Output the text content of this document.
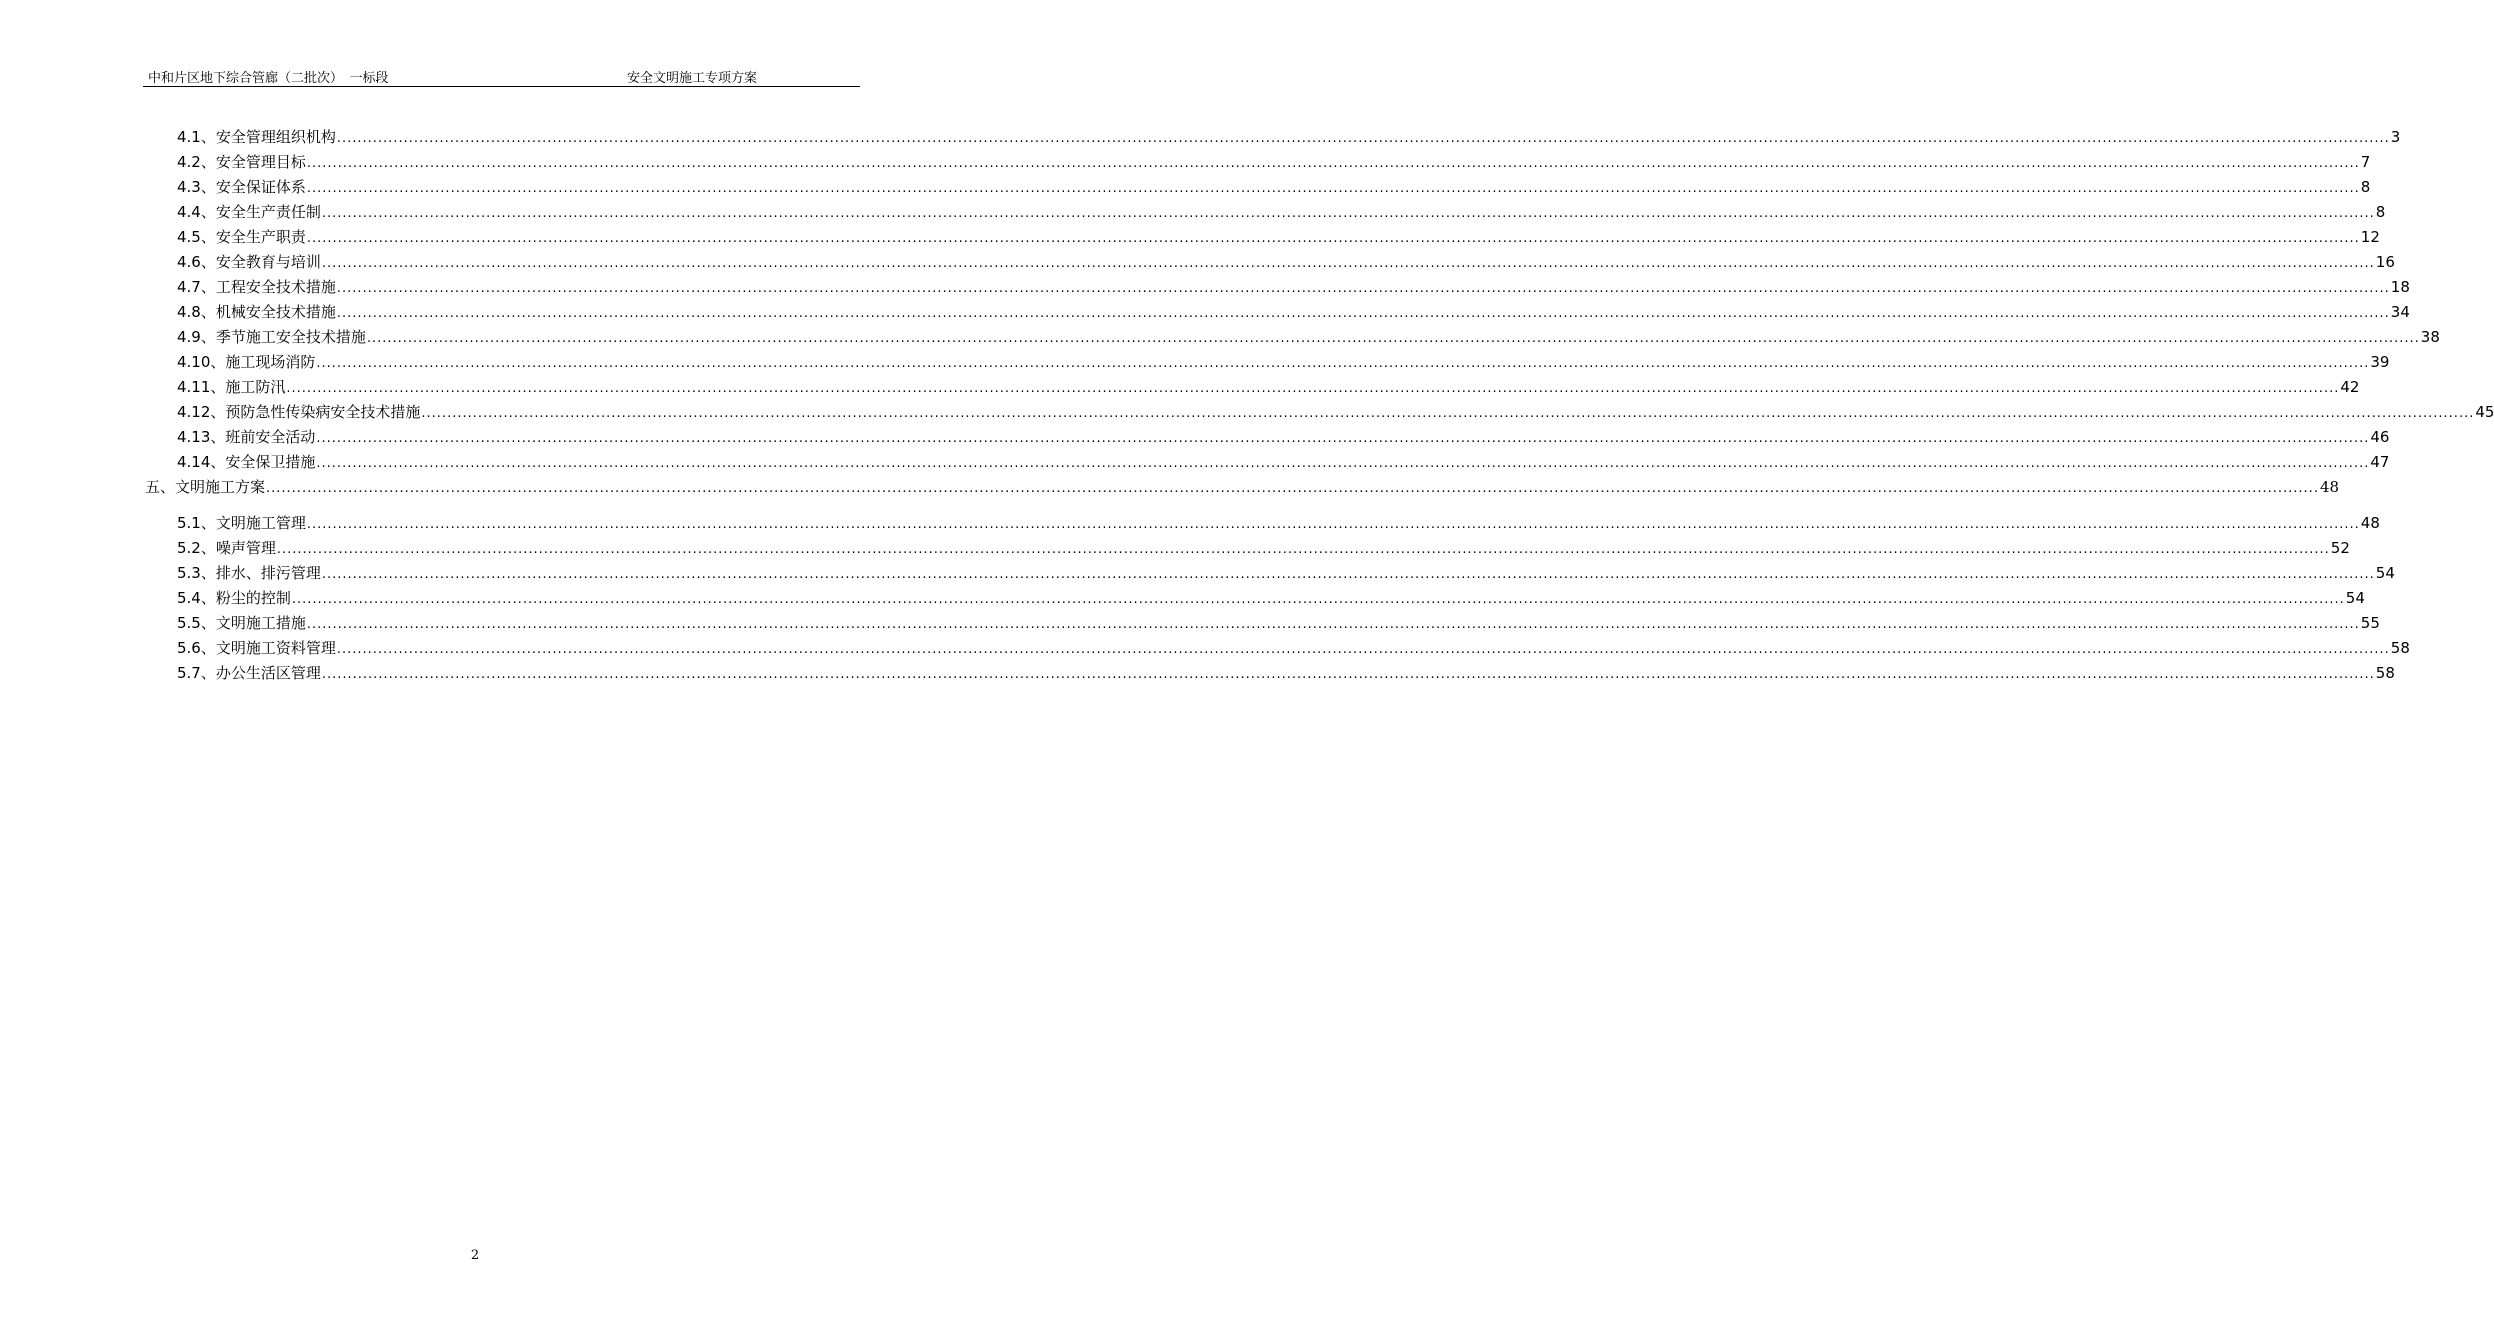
中和片区地下综合管廊（二批次）　一标段	安全文明施工专项方案
4.1、安全管理组织机构 ................................................................................................................................................................................................................................................................................................................................................................................................................ 3
4.2、安全管理目标 ................................................................................................................................................................................................................................................................................................................................................................................................................ 7
4.3、安全保证体系 ................................................................................................................................................................................................................................................................................................................................................................................................................ 8
4.4、安全生产责任制 ................................................................................................................................................................................................................................................................................................................................................................................................................ 8
4.5、安全生产职责 ................................................................................................................................................................................................................................................................................................................................................................................................................ 12
4.6、安全教育与培训 ................................................................................................................................................................................................................................................................................................................................................................................................................ 16
4.7、工程安全技术措施 ................................................................................................................................................................................................................................................................................................................................................................................................................ 18
4.8、机械安全技术措施 ................................................................................................................................................................................................................................................................................................................................................................................................................ 34
4.9、季节施工安全技术措施 ................................................................................................................................................................................................................................................................................................................................................................................................................ 38
4.10、施工现场消防 ................................................................................................................................................................................................................................................................................................................................................................................................................ 39
4.11、施工防汛 ................................................................................................................................................................................................................................................................................................................................................................................................................ 42
4.12、预防急性传染病安全技术措施 ................................................................................................................................................................................................................................................................................................................................................................................................................ 45
4.13、班前安全活动 ................................................................................................................................................................................................................................................................................................................................................................................................................ 46
4.14、安全保卫措施 ................................................................................................................................................................................................................................................................................................................................................................................................................ 47
五、文明施工方案 ................................................................................................................................................................................................................................................................................................................................................................................................................ 48
5.1、文明施工管理 ................................................................................................................................................................................................................................................................................................................................................................................................................ 48
5.2、噪声管理 ................................................................................................................................................................................................................................................................................................................................................................................................................ 52
5.3、排水、排污管理 ................................................................................................................................................................................................................................................................................................................................................................................................................ 54
5.4、粉尘的控制 ................................................................................................................................................................................................................................................................................................................................................................................................................ 54
5.5、文明施工措施 ................................................................................................................................................................................................................................................................................................................................................................................................................ 55
5.6、文明施工资料管理 ................................................................................................................................................................................................................................................................................................................................................................................................................ 58
5.7、办公生活区管理 ................................................................................................................................................................................................................................................................................................................................................................................................................ 58
2
